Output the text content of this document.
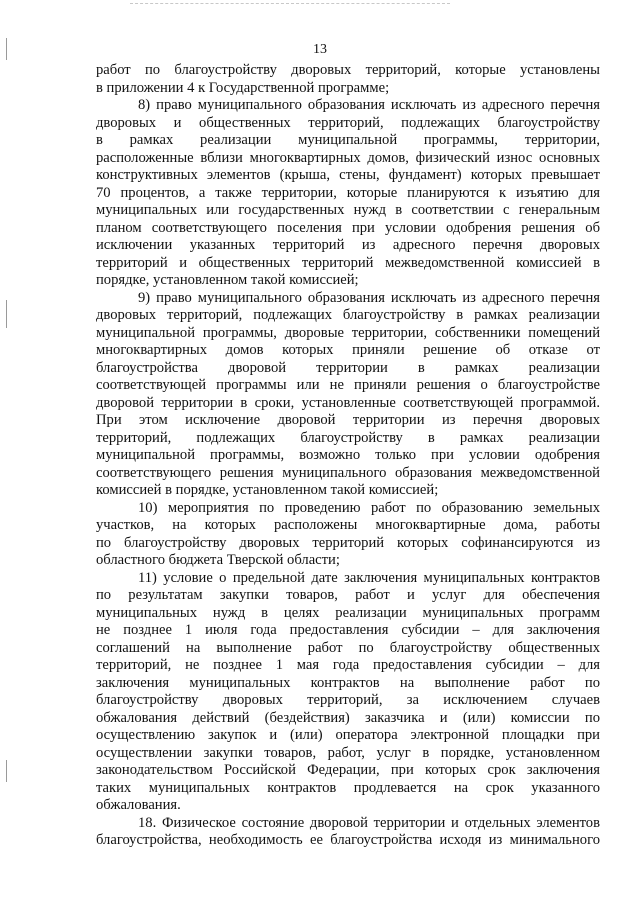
13
работ по благоустройству дворовых территорий, которые установлены
в приложении 4 к Государственной программе;
8) право муниципального образования исключать из адресного перечня
дворовых и общественных территорий, подлежащих благоустройству
в рамках реализации муниципальной программы, территории,
расположенные вблизи многоквартирных домов, физический износ основных
конструктивных элементов (крыша, стены, фундамент) которых превышает
70 процентов, а также территории, которые планируются к изъятию для
муниципальных или государственных нужд в соответствии с генеральным
планом соответствующего поселения при условии одобрения решения об
исключении указанных территорий из адресного перечня дворовых
территорий и общественных территорий межведомственной комиссией в
порядке, установленном такой комиссией;
9) право муниципального образования исключать из адресного перечня
дворовых территорий, подлежащих благоустройству в рамках реализации
муниципальной программы, дворовые территории, собственники помещений
многоквартирных домов которых приняли решение об отказе от
благоустройства дворовой территории в рамках реализации
соответствующей программы или не приняли решения о благоустройстве
дворовой территории в сроки, установленные соответствующей программой.
При этом исключение дворовой территории из перечня дворовых
территорий, подлежащих благоустройству в рамках реализации
муниципальной программы, возможно только при условии одобрения
соответствующего решения муниципального образования межведомственной
комиссией в порядке, установленном такой комиссией;
10) мероприятия по проведению работ по образованию земельных
участков, на которых расположены многоквартирные дома, работы
по благоустройству дворовых территорий которых софинансируются из
областного бюджета Тверской области;
11) условие о предельной дате заключения муниципальных контрактов
по результатам закупки товаров, работ и услуг для обеспечения
муниципальных нужд в целях реализации муниципальных программ
не позднее 1 июля года предоставления субсидии – для заключения
соглашений на выполнение работ по благоустройству общественных
территорий, не позднее 1 мая года предоставления субсидии – для
заключения муниципальных контрактов на выполнение работ по
благоустройству дворовых территорий, за исключением случаев
обжалования действий (бездействия) заказчика и (или) комиссии по
осуществлению закупок и (или) оператора электронной площадки при
осуществлении закупки товаров, работ, услуг в порядке, установленном
законодательством Российской Федерации, при которых срок заключения
таких муниципальных контрактов продлевается на срок указанного
обжалования.
18. Физическое состояние дворовой территории и отдельных элементов
благоустройства, необходимость ее благоустройства исходя из минимального
